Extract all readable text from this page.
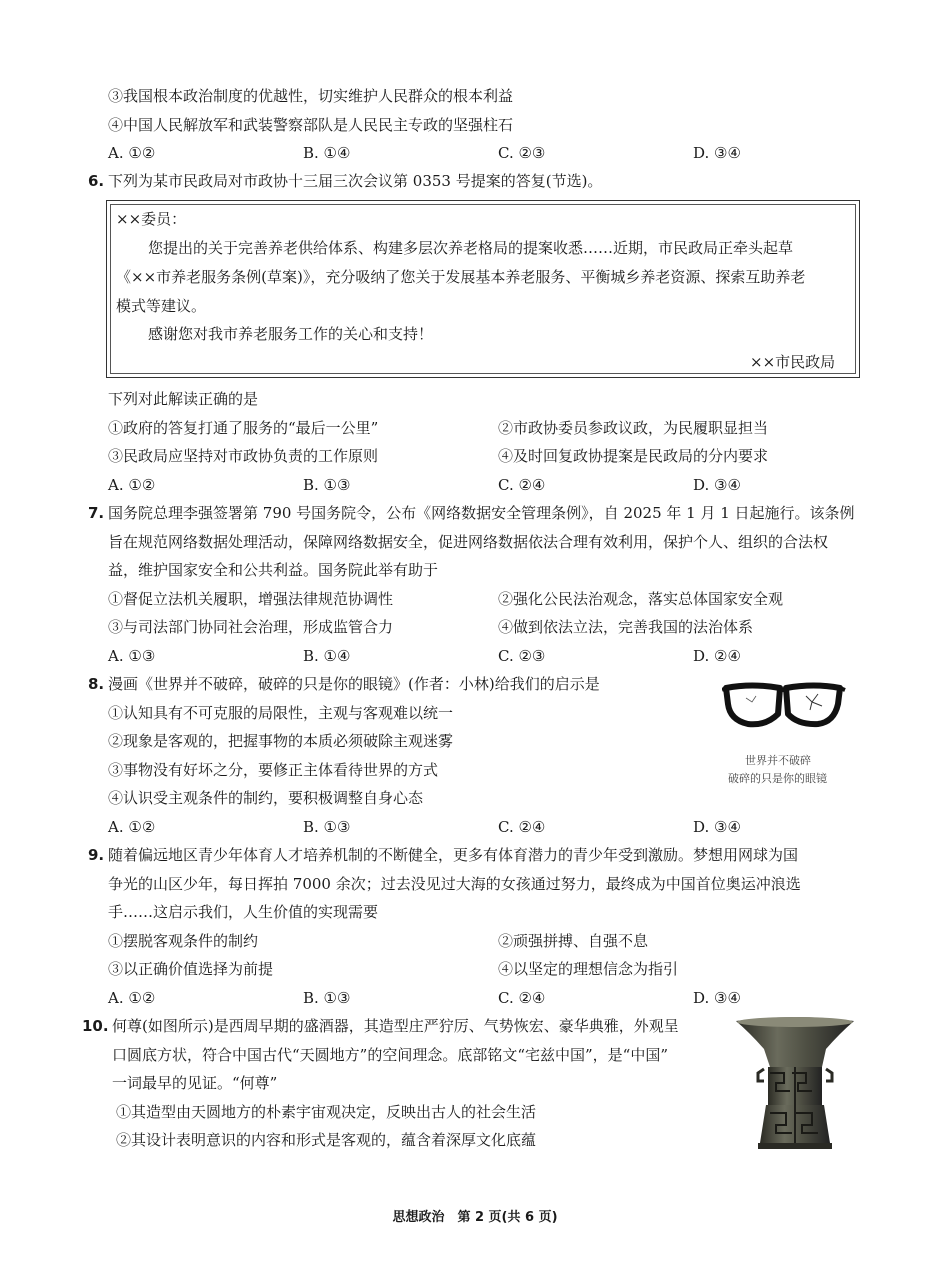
③我国根本政治制度的优越性，切实维护人民群众的根本利益
④中国人民解放军和武装警察部队是人民民主专政的坚强柱石
A. ①②	B. ①④	C. ②③	D. ③④
6. 下列为某市民政局对市政协十三届三次会议第 0353 号提案的答复(节选)。
××委员：
您提出的关于完善养老供给体系、构建多层次养老格局的提案收悉……近期，市民政局正牵头起草
《××市养老服务条例(草案)》，充分吸纳了您关于发展基本养老服务、平衡城乡养老资源、探索互助养老
模式等建议。
感谢您对我市养老服务工作的关心和支持！
××市民政局
下列对此解读正确的是
①政府的答复打通了服务的“最后一公里”	②市政协委员参政议政，为民履职显担当
③民政局应坚持对市政协负责的工作原则	④及时回复政协提案是民政局的分内要求
A. ①②	B. ①③	C. ②④	D. ③④
7. 国务院总理李强签署第 790 号国务院令，公布《网络数据安全管理条例》，自 2025 年 1 月 1 日起施行。该条例
旨在规范网络数据处理活动，保障网络数据安全，促进网络数据依法合理有效利用，保护个人、组织的合法权
益，维护国家安全和公共利益。国务院此举有助于
①督促立法机关履职，增强法律规范协调性	②强化公民法治观念，落实总体国家安全观
③与司法部门协同社会治理，形成监管合力	④做到依法立法，完善我国的法治体系
A. ①③	B. ①④	C. ②③	D. ②④
8. 漫画《世界并不破碎，破碎的只是你的眼镜》(作者：小林)给我们的启示是
①认知具有不可克服的局限性，主观与客观难以统一
②现象是客观的，把握事物的本质必须破除主观迷雾
③事物没有好坏之分，要修正主体看待世界的方式
④认识受主观条件的制约，要积极调整自身心态
A. ①②	B. ①③	C. ②④	D. ③④
世界并不破碎
破碎的只是你的眼镜
9. 随着偏远地区青少年体育人才培养机制的不断健全，更多有体育潜力的青少年受到激励。梦想用网球为国
争光的山区少年，每日挥拍 7000 余次；过去没见过大海的女孩通过努力，最终成为中国首位奥运冲浪选
手……这启示我们，人生价值的实现需要
①摆脱客观条件的制约	②顽强拼搏、自强不息
③以正确价值选择为前提	④以坚定的理想信念为指引
A. ①②	B. ①③	C. ②④	D. ③④
10. 何尊(如图所示)是西周早期的盛酒器，其造型庄严狞厉、气势恢宏、豪华典雅，外观呈
口圆底方状，符合中国古代“天圆地方”的空间理念。底部铭文“宅兹中国”，是“中国”
一词最早的见证。“何尊”
①其造型由天圆地方的朴素宇宙观决定，反映出古人的社会生活
②其设计表明意识的内容和形式是客观的，蕴含着深厚文化底蕴
思想政治　第 2 页(共 6 页)
